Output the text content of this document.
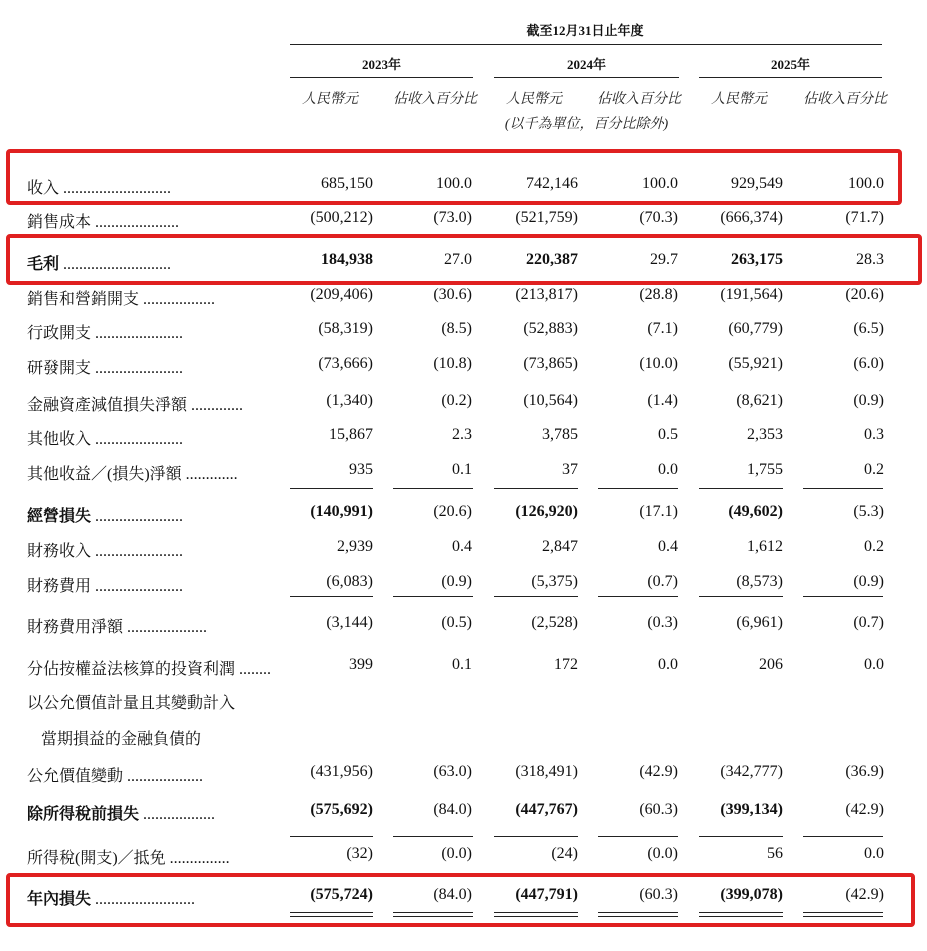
截至12月31日止年度
2023年	2024年	2025年
人民幣元	佔收入百分比	人民幣元	佔收入百分比	人民幣元	佔收入百分比
(以千為單位，百分比除外)
收入 ...........................	685,150	100.0	742,146	100.0	929,549	100.0
銷售成本 .....................	(500,212)	(73.0)	(521,759)	(70.3)	(666,374)	(71.7)
毛利 ...........................	184,938	27.0	220,387	29.7	263,175	28.3
銷售和營銷開支 ..................	(209,406)	(30.6)	(213,817)	(28.8)	(191,564)	(20.6)
行政開支 ......................	(58,319)	(8.5)	(52,883)	(7.1)	(60,779)	(6.5)
研發開支 ......................	(73,666)	(10.8)	(73,865)	(10.0)	(55,921)	(6.0)
金融資產減值損失淨額 .............	(1,340)	(0.2)	(10,564)	(1.4)	(8,621)	(0.9)
其他收入 ......................	15,867	2.3	3,785	0.5	2,353	0.3
其他收益／(損失)淨額 .............	935	0.1	37	0.0	1,755	0.2
經營損失 ......................	(140,991)	(20.6)	(126,920)	(17.1)	(49,602)	(5.3)
財務收入 ......................	2,939	0.4	2,847	0.4	1,612	0.2
財務費用 ......................	(6,083)	(0.9)	(5,375)	(0.7)	(8,573)	(0.9)
財務費用淨額 ....................	(3,144)	(0.5)	(2,528)	(0.3)	(6,961)	(0.7)
分佔按權益法核算的投資利潤 ........	399	0.1	172	0.0	206	0.0
公允價值變動 ...................	(431,956)	(63.0)	(318,491)	(42.9)	(342,777)	(36.9)
除所得稅前損失 ..................	(575,692)	(84.0)	(447,767)	(60.3)	(399,134)	(42.9)
所得稅(開支)／抵免 ...............	(32)	(0.0)	(24)	(0.0)	56	0.0
年內損失 .........................	(575,724)	(84.0)	(447,791)	(60.3)	(399,078)	(42.9)
以公允價值計量且其變動計入
當期損益的金融負債的
